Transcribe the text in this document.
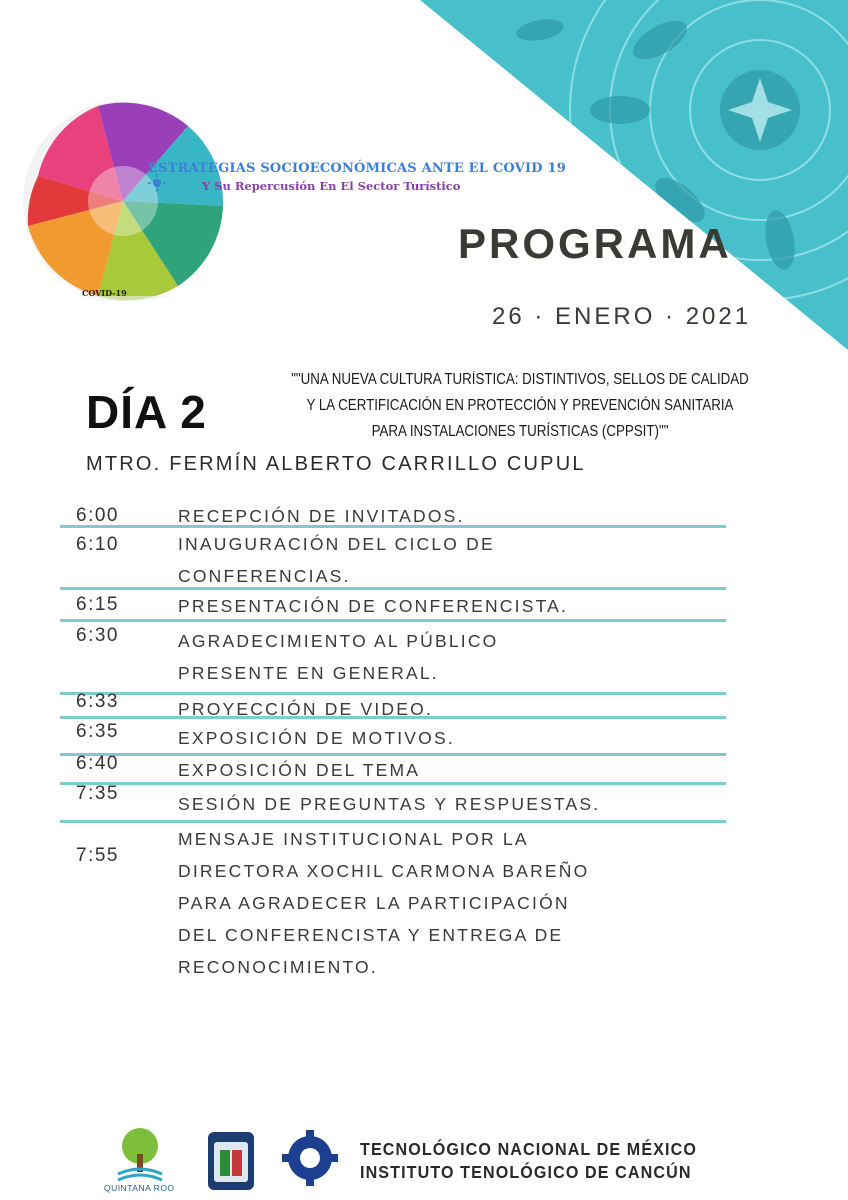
ESTRATEGIAS SOCIOECONÓMICAS ANTE EL COVID 19
Y Su Repercusión En El Sector Turístico
COVID-19
PROGRAMA
26 · ENERO · 2021
DÍA 2
""UNA NUEVA CULTURA TURÍSTICA: DISTINTIVOS, SELLOS DE CALIDAD Y LA CERTIFICACIÓN EN PROTECCIÓN Y PREVENCIÓN SANITARIA PARA INSTALACIONES TURÍSTICAS (CPPSIT)""
MTRO. FERMÍN ALBERTO CARRILLO CUPUL
6:00	RECEPCIÓN DE INVITADOS.
6:10	INAUGURACIÓN DEL CICLO DE
CONFERENCIAS.
6:15	PRESENTACIÓN DE CONFERENCISTA.
6:30	AGRADECIMIENTO AL PÚBLICO
PRESENTE EN GENERAL.
6:33	PROYECCIÓN DE VIDEO.
6:35	EXPOSICIÓN DE MOTIVOS.
6:40	EXPOSICIÓN DEL TEMA
7:35	SESIÓN DE PREGUNTAS Y RESPUESTAS.
7:55
MENSAJE INSTITUCIONAL POR LA
DIRECTORA XOCHIL CARMONA BAREÑO
PARA AGRADECER LA PARTICIPACIÓN
DEL CONFERENCISTA Y ENTREGA DE
RECONOCIMIENTO.
QUINTANA ROO
TECNOLÓGICO NACIONAL DE MÉXICO
INSTITUTO TENOLÓGICO DE CANCÚN
